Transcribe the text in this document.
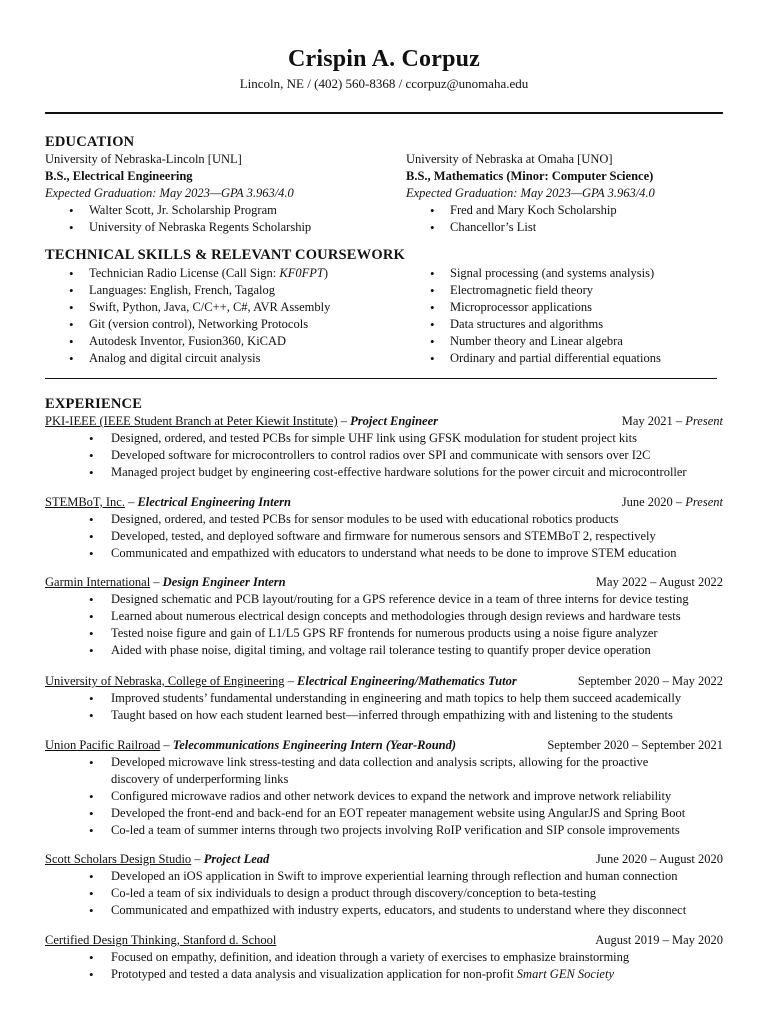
Crispin A. Corpuz
Lincoln, NE / (402) 560-8368 / ccorpuz@unomaha.edu
EDUCATION
University of Nebraska-Lincoln [UNL]
B.S., Electrical Engineering
Expected Graduation: May 2023—GPA 3.963/4.0
• Walter Scott, Jr. Scholarship Program
• University of Nebraska Regents Scholarship
University of Nebraska at Omaha [UNO]
B.S., Mathematics (Minor: Computer Science)
Expected Graduation: May 2023—GPA 3.963/4.0
• Fred and Mary Koch Scholarship
• Chancellor’s List
TECHNICAL SKILLS & RELEVANT COURSEWORK
• Technician Radio License (Call Sign: KF0FPT)
• Languages: English, French, Tagalog
• Swift, Python, Java, C/C++, C#, AVR Assembly
• Git (version control), Networking Protocols
• Autodesk Inventor, Fusion360, KiCAD
• Analog and digital circuit analysis
• Signal processing (and systems analysis)
• Electromagnetic field theory
• Microprocessor applications
• Data structures and algorithms
• Number theory and Linear algebra
• Ordinary and partial differential equations
EXPERIENCE
PKI-IEEE (IEEE Student Branch at Peter Kiewit Institute) – Project Engineer	May 2021 – Present
• Designed, ordered, and tested PCBs for simple UHF link using GFSK modulation for student project kits
• Developed software for microcontrollers to control radios over SPI and communicate with sensors over I2C
• Managed project budget by engineering cost-effective hardware solutions for the power circuit and microcontroller
STEMBoT, Inc. – Electrical Engineering Intern	June 2020 – Present
• Designed, ordered, and tested PCBs for sensor modules to be used with educational robotics products
• Developed, tested, and deployed software and firmware for numerous sensors and STEMBoT 2, respectively
• Communicated and empathized with educators to understand what needs to be done to improve STEM education
Garmin International – Design Engineer Intern	May 2022 – August 2022
• Designed schematic and PCB layout/routing for a GPS reference device in a team of three interns for device testing
• Learned about numerous electrical design concepts and methodologies through design reviews and hardware tests
• Tested noise figure and gain of L1/L5 GPS RF frontends for numerous products using a noise figure analyzer
• Aided with phase noise, digital timing, and voltage rail tolerance testing to quantify proper device operation
University of Nebraska, College of Engineering – Electrical Engineering/Mathematics Tutor	September 2020 – May 2022
• Improved students’ fundamental understanding in engineering and math topics to help them succeed academically
• Taught based on how each student learned best—inferred through empathizing with and listening to the students
Union Pacific Railroad – Telecommunications Engineering Intern (Year-Round)	September 2020 – September 2021
• Developed microwave link stress-testing and data collection and analysis scripts, allowing for the proactive discovery of underperforming links
• Configured microwave radios and other network devices to expand the network and improve network reliability
• Developed the front-end and back-end for an EOT repeater management website using AngularJS and Spring Boot
• Co-led a team of summer interns through two projects involving RoIP verification and SIP console improvements
Scott Scholars Design Studio – Project Lead	June 2020 – August 2020
• Developed an iOS application in Swift to improve experiential learning through reflection and human connection
• Co-led a team of six individuals to design a product through discovery/conception to beta-testing
• Communicated and empathized with industry experts, educators, and students to understand where they disconnect
Certified Design Thinking, Stanford d. School	August 2019 – May 2020
• Focused on empathy, definition, and ideation through a variety of exercises to emphasize brainstorming
• Prototyped and tested a data analysis and visualization application for non-profit Smart GEN Society
